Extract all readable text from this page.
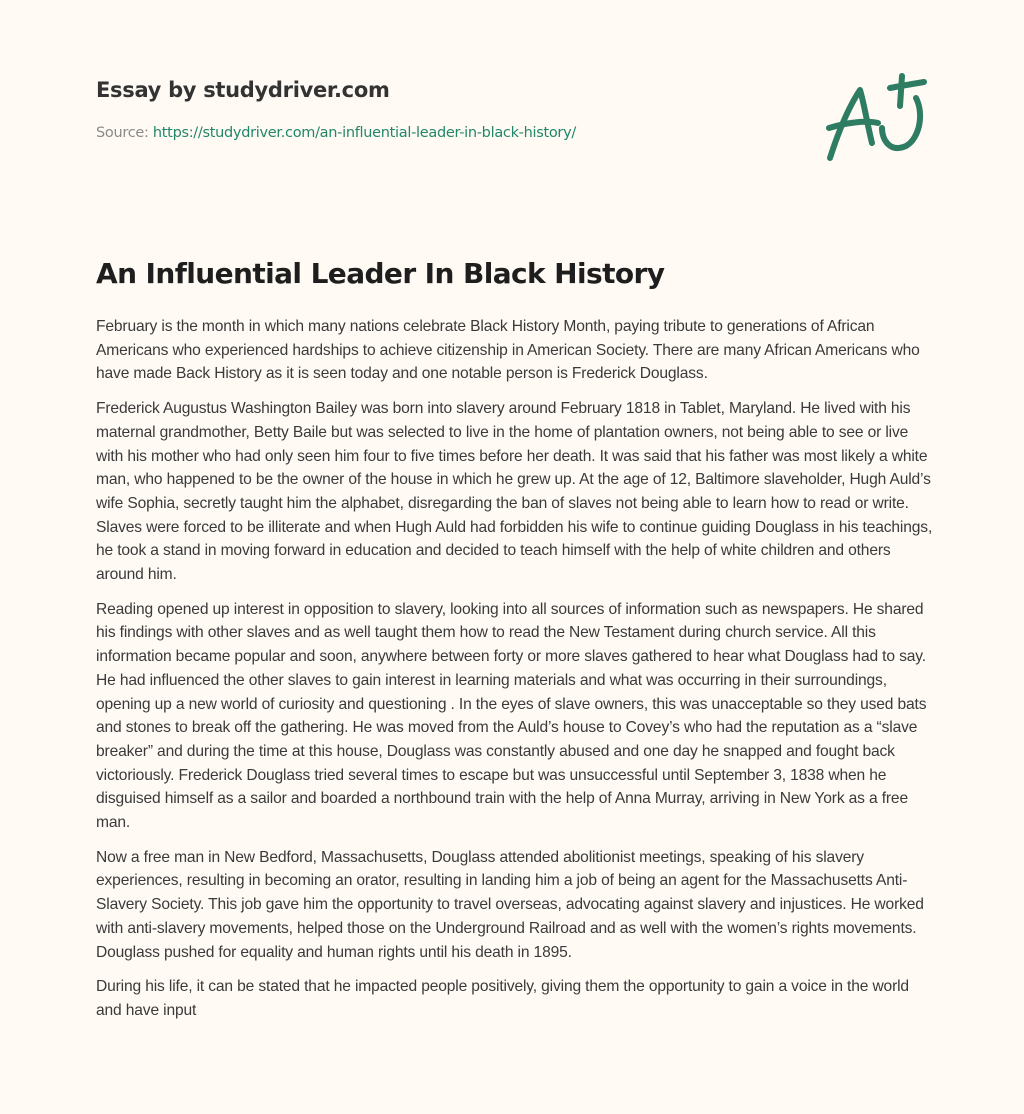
Essay by studydriver.com
Source: https://studydriver.com/an-influential-leader-in-black-history/
An Influential Leader In Black History

February is the month in which many nations celebrate Black History Month, paying tribute to generations of African Americans who experienced hardships to achieve citizenship in American Society. There are many African Americans who have made Back History as it is seen today and one notable person is Frederick Douglass.

Frederick Augustus Washington Bailey was born into slavery around February 1818 in Tablet, Maryland. He lived with his maternal grandmother, Betty Baile but was selected to live in the home of plantation owners, not being able to see or live with his mother who had only seen him four to five times before her death. It was said that his father was most likely a white man, who happened to be the owner of the house in which he grew up. At the age of 12, Baltimore slaveholder, Hugh Auld’s wife Sophia, secretly taught him the alphabet, disregarding the ban of slaves not being able to learn how to read or write. Slaves were forced to be illiterate and when Hugh Auld had forbidden his wife to continue guiding Douglass in his teachings, he took a stand in moving forward in education and decided to teach himself with the help of white children and others around him.

Reading opened up interest in opposition to slavery, looking into all sources of information such as newspapers. He shared his findings with other slaves and as well taught them how to read the New Testament during church service. All this information became popular and soon, anywhere between forty or more slaves gathered to hear what Douglass had to say. He had influenced the other slaves to gain interest in learning materials and what was occurring in their surroundings, opening up a new world of curiosity and questioning . In the eyes of slave owners, this was unacceptable so they used bats and stones to break off the gathering. He was moved from the Auld’s house to Covey’s who had the reputation as a “slave breaker” and during the time at this house, Douglass was constantly abused and one day he snapped and fought back victoriously. Frederick Douglass tried several times to escape but was unsuccessful until September 3, 1838 when he disguised himself as a sailor and boarded a northbound train with the help of Anna Murray, arriving in New York as a free man.

Now a free man in New Bedford, Massachusetts, Douglass attended abolitionist meetings, speaking of his slavery experiences, resulting in becoming an orator, resulting in landing him a job of being an agent for the Massachusetts Anti-Slavery Society. This job gave him the opportunity to travel overseas, advocating against slavery and injustices. He worked with anti-slavery movements, helped those on the Underground Railroad and as well with the women’s rights movements. Douglass pushed for equality and human rights until his death in 1895.

During his life, it can be stated that he impacted people positively, giving them the opportunity to gain a voice in the world and have input
